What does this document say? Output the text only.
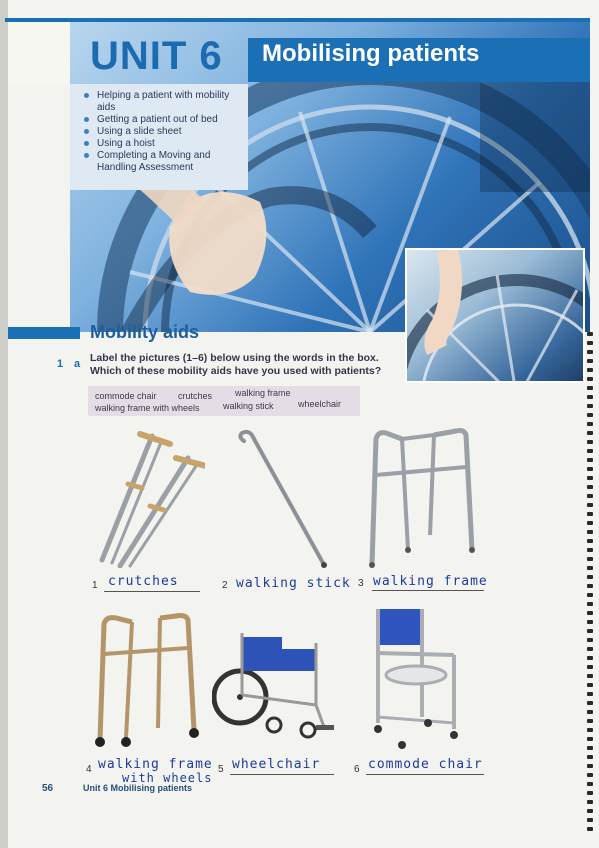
UNIT 6 Mobilising patients
Helping a patient with mobility aids
Getting a patient out of bed
Using a slide sheet
Using a hoist
Completing a Moving and Handling Assessment
Mobility aids
1 a Label the pictures (1–6) below using the words in the box.
Which of these mobility aids have you used with patients?
commode chair crutches	walking frame
walking frame with wheels	walking stick	wheelchair
1 crutches	2 walking stick 3 walking frame
4 walking frame
with wheels
5 wheelchair	6 commode chair
56	Unit 6 Mobilising patients
